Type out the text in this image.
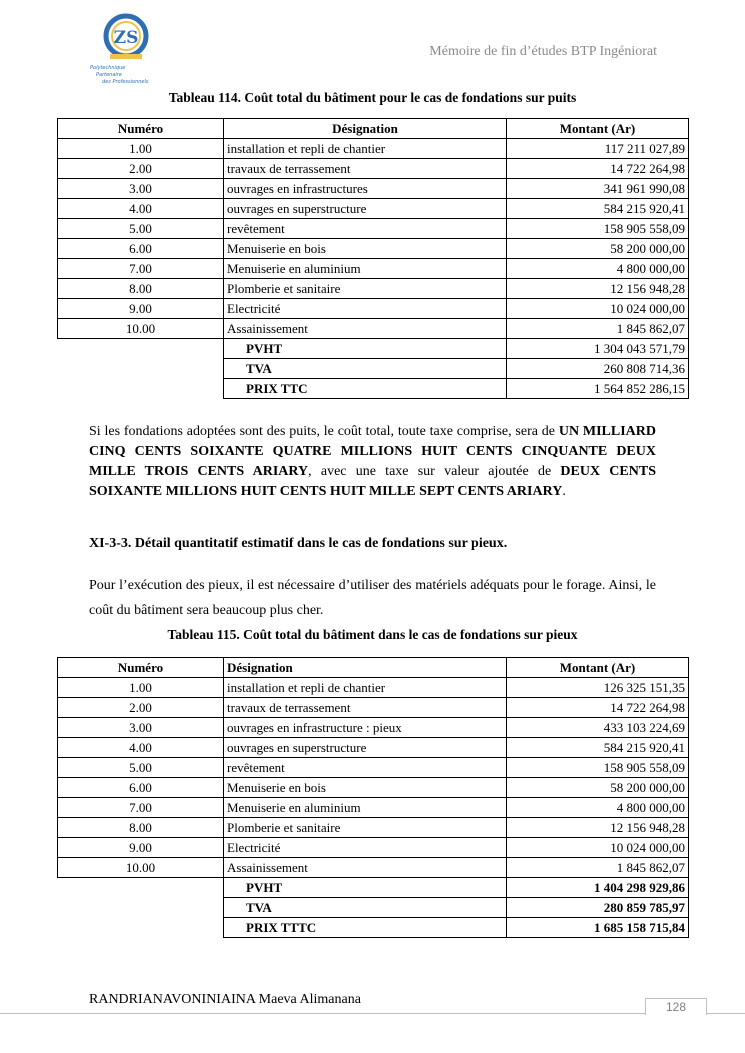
ZS
Polytechnique
Partenaire
des Professionnels
Mémoire de fin d’études BTP Ingéniorat
Tableau 114. Coût total du bâtiment pour le cas de fondations sur puits
Numéro	Désignation	Montant (Ar)
1.00	installation et repli de chantier	117 211 027,89
2.00	travaux de terrassement	14 722 264,98
3.00	ouvrages en infrastructures	341 961 990,08
4.00	ouvrages en superstructure	584 215 920,41
5.00	revêtement	158 905 558,09
6.00	Menuiserie en bois	58 200 000,00
7.00	Menuiserie en aluminium	4 800 000,00
8.00	Plomberie et sanitaire	12 156 948,28
9.00	Electricité	10 024 000,00
10.00	Assainissement	1 845 862,07
	PVHT	1 304 043 571,79
	TVA	260 808 714,36
	PRIX TTC	1 564 852 286,15
Si les fondations adoptées sont des puits, le coût total, toute taxe comprise, sera de UN MILLIARD CINQ CENTS SOIXANTE QUATRE MILLIONS HUIT CENTS CINQUANTE DEUX MILLE TROIS CENTS ARIARY, avec une taxe sur valeur ajoutée de DEUX CENTS SOIXANTE MILLIONS HUIT CENTS HUIT MILLE SEPT CENTS ARIARY.
XI-3-3. Détail quantitatif estimatif dans le cas de fondations sur pieux.
Pour l’exécution des pieux, il est nécessaire d’utiliser des matériels adéquats pour le forage. Ainsi, le coût du bâtiment sera beaucoup plus cher.
Tableau 115. Coût total du bâtiment dans le cas de fondations sur pieux
Numéro	Désignation	Montant (Ar)
1.00	installation et repli de chantier	126 325 151,35
2.00	travaux de terrassement	14 722 264,98
3.00	ouvrages en infrastructure : pieux	433 103 224,69
4.00	ouvrages en superstructure	584 215 920,41
5.00	revêtement	158 905 558,09
6.00	Menuiserie en bois	58 200 000,00
7.00	Menuiserie en aluminium	4 800 000,00
8.00	Plomberie et sanitaire	12 156 948,28
9.00	Electricité	10 024 000,00
10.00	Assainissement	1 845 862,07
	PVHT	1 404 298 929,86
	TVA	280 859 785,97
	PRIX TTTC	1 685 158 715,84
RANDRIANAVONINIAINA Maeva Alimanana	128
